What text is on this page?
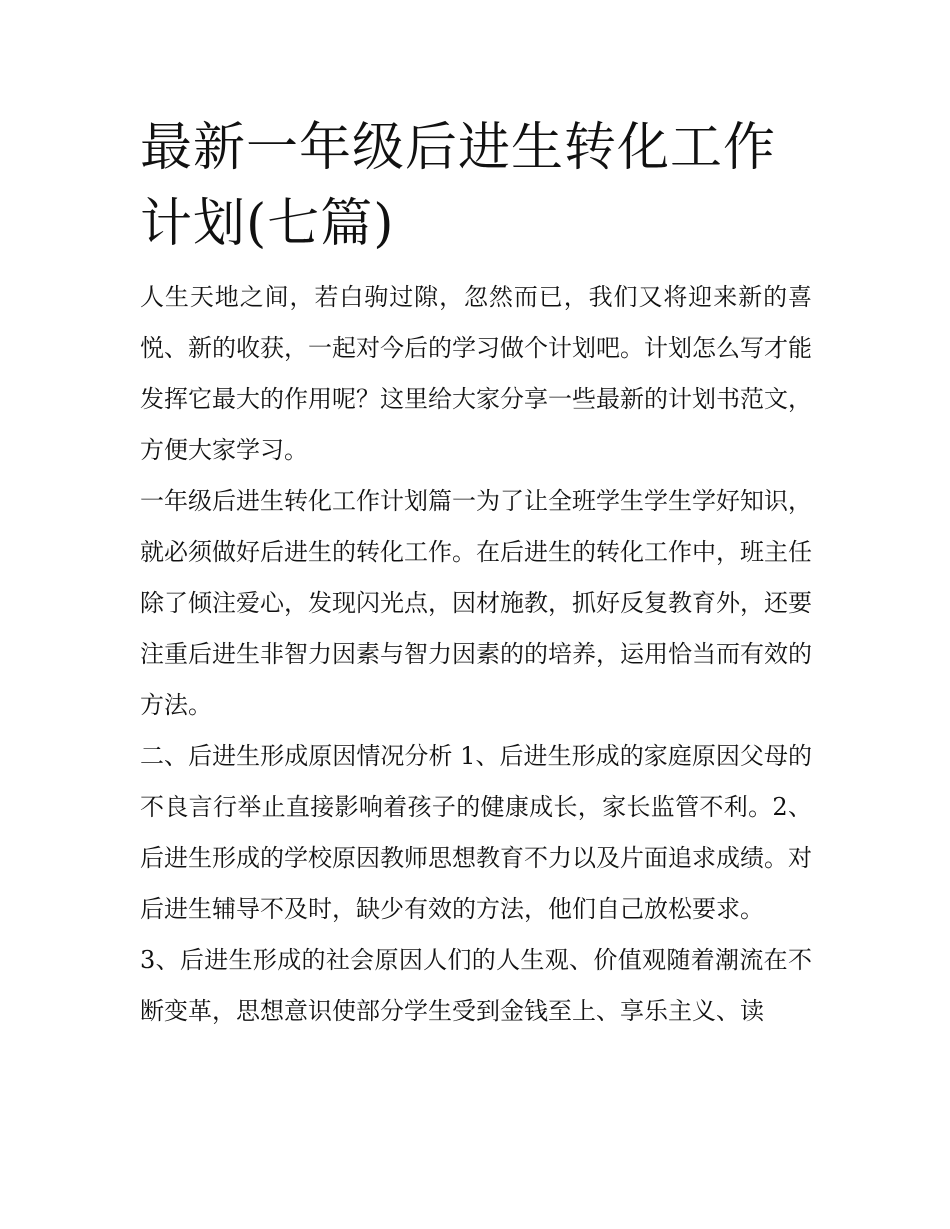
最新一年级后进生转化工作计划(七篇)

人生天地之间，若白驹过隙，忽然而已，我们又将迎来新的喜悦、新的收获，一起对今后的学习做个计划吧。计划怎么写才能发挥它最大的作用呢？这里给大家分享一些最新的计划书范文，方便大家学习。

一年级后进生转化工作计划篇一为了让全班学生学生学好知识，就必须做好后进生的转化工作。在后进生的转化工作中，班主任除了倾注爱心，发现闪光点，因材施教，抓好反复教育外，还要注重后进生非智力因素与智力因素的的培养，运用恰当而有效的方法。

二、后进生形成原因情况分析 1、后进生形成的家庭原因父母的不良言行举止直接影响着孩子的健康成长，家长监管不利。2、后进生形成的学校原因教师思想教育不力以及片面追求成绩。对后进生辅导不及时，缺少有效的方法，他们自己放松要求。

3、后进生形成的社会原因人们的人生观、价值观随着潮流在不断变革，思想意识使部分学生受到金钱至上、享乐主义、读
